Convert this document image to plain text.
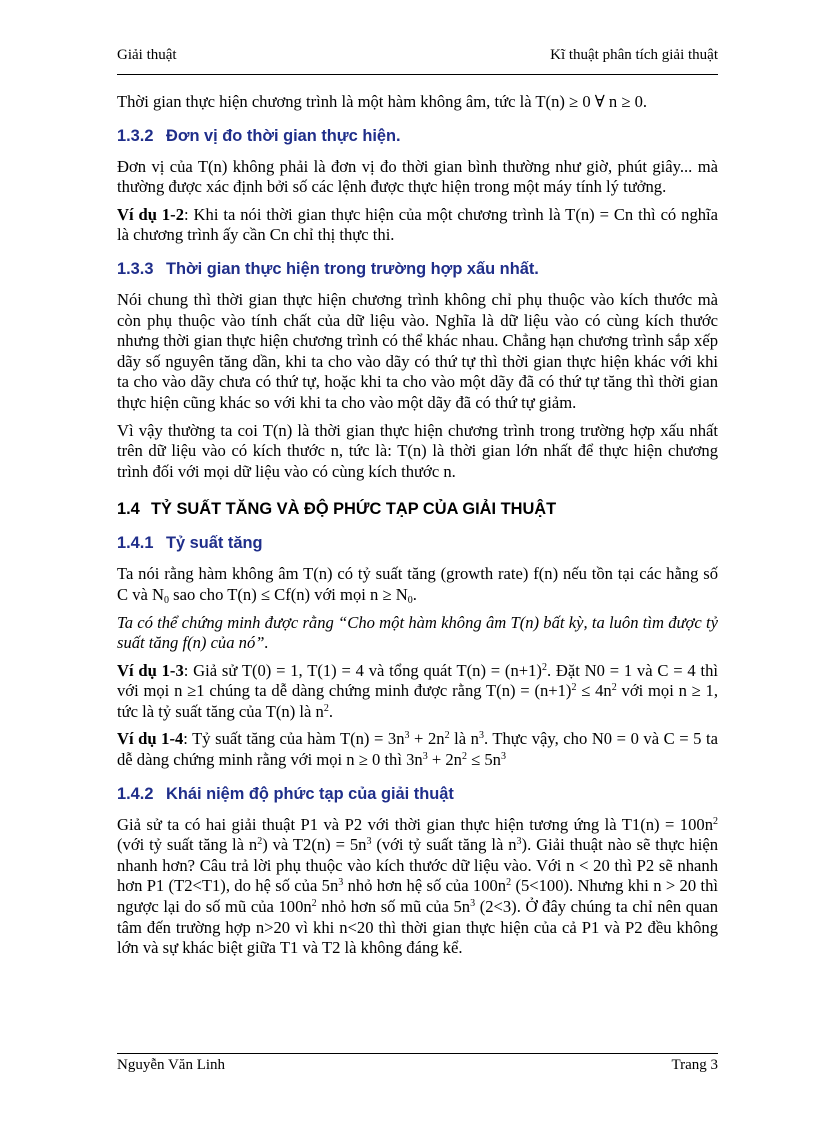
Giải thuật	Kĩ thuật phân tích giải thuật

Thời gian thực hiện chương trình là một hàm không âm, tức là T(n) ≥ 0 ∀ n ≥ 0.

1.3.2 Đơn vị đo thời gian thực hiện.

Đơn vị của T(n) không phải là đơn vị đo thời gian bình thường như giờ, phút giây... mà thường được xác định bởi số các lệnh được thực hiện trong một máy tính lý tưởng.

Ví dụ 1-2: Khi ta nói thời gian thực hiện của một chương trình là T(n) = Cn thì có nghĩa là chương trình ấy cần Cn chỉ thị thực thi.

1.3.3 Thời gian thực hiện trong trường hợp xấu nhất.

Nói chung thì thời gian thực hiện chương trình không chỉ phụ thuộc vào kích thước mà còn phụ thuộc vào tính chất của dữ liệu vào. Nghĩa là dữ liệu vào có cùng kích thước nhưng thời gian thực hiện chương trình có thể khác nhau. Chẳng hạn chương trình sắp xếp dãy số nguyên tăng dần, khi ta cho vào dãy có thứ tự thì thời gian thực hiện khác với khi ta cho vào dãy chưa có thứ tự, hoặc khi ta cho vào một dãy đã có thứ tự tăng thì thời gian thực hiện cũng khác so với khi ta cho vào một dãy đã có thứ tự giảm.

Vì vậy thường ta coi T(n) là thời gian thực hiện chương trình trong trường hợp xấu nhất trên dữ liệu vào có kích thước n, tức là: T(n) là thời gian lớn nhất để thực hiện chương trình đối với mọi dữ liệu vào có cùng kích thước n.

1.4 TỶ SUẤT TĂNG VÀ ĐỘ PHỨC TẠP CỦA GIẢI THUẬT
1.4.1 Tỷ suất tăng

Ta nói rằng hàm không âm T(n) có tỷ suất tăng (growth rate) f(n) nếu tồn tại các hằng số C và $N_0$ sao cho T(n) ≤ Cf(n) với mọi $n \ge N_0$.

Ta có thể chứng minh được rằng “Cho một hàm không âm T(n) bất kỳ, ta luôn tìm được tỷ suất tăng f(n) của nó”.

Ví dụ 1-3: Giả sử T(0) = 1, T(1) = 4 và tổng quát $T(n) = (n+1)^2$. Đặt N0 = 1 và C = 4 thì với mọi n ≥1 chúng ta dễ dàng chứng minh được rằng $T(n) = (n+1)^2 \le 4n^2$ với mọi n ≥ 1, tức là tỷ suất tăng của T(n) là $n^2$.

Ví dụ 1-4: Tỷ suất tăng của hàm $T(n) = 3n^3 + 2n^2$ là $n^3$. Thực vậy, cho N0 = 0 và C = 5 ta dễ dàng chứng minh rằng với mọi n ≥ 0 thì $3n^3 + 2n^2 \le 5n^3$

1.4.2 Khái niệm độ phức tạp của giải thuật

Giả sử ta có hai giải thuật P1 và P2 với thời gian thực hiện tương ứng là $T1(n) = 100n^2$ (với tỷ suất tăng là $n^2$) và $T2(n) = 5n^3$ (với tỷ suất tăng là $n^3$). Giải thuật nào sẽ thực hiện nhanh hơn? Câu trả lời phụ thuộc vào kích thước dữ liệu vào. Với n < 20 thì P2 sẽ nhanh hơn P1 (T2<T1), do hệ số của $5n^3$ nhỏ hơn hệ số của $100n^2$ (5<100). Nhưng khi n > 20 thì ngược lại do số mũ của $100n^2$ nhỏ hơn số mũ của $5n^3$ (2<3). Ở đây chúng ta chỉ nên quan tâm đến trường hợp n>20 vì khi n<20 thì thời gian thực hiện của cả P1 và P2 đều không lớn và sự khác biệt giữa T1 và T2 là không đáng kể.

Nguyễn Văn Linh	Trang 3
